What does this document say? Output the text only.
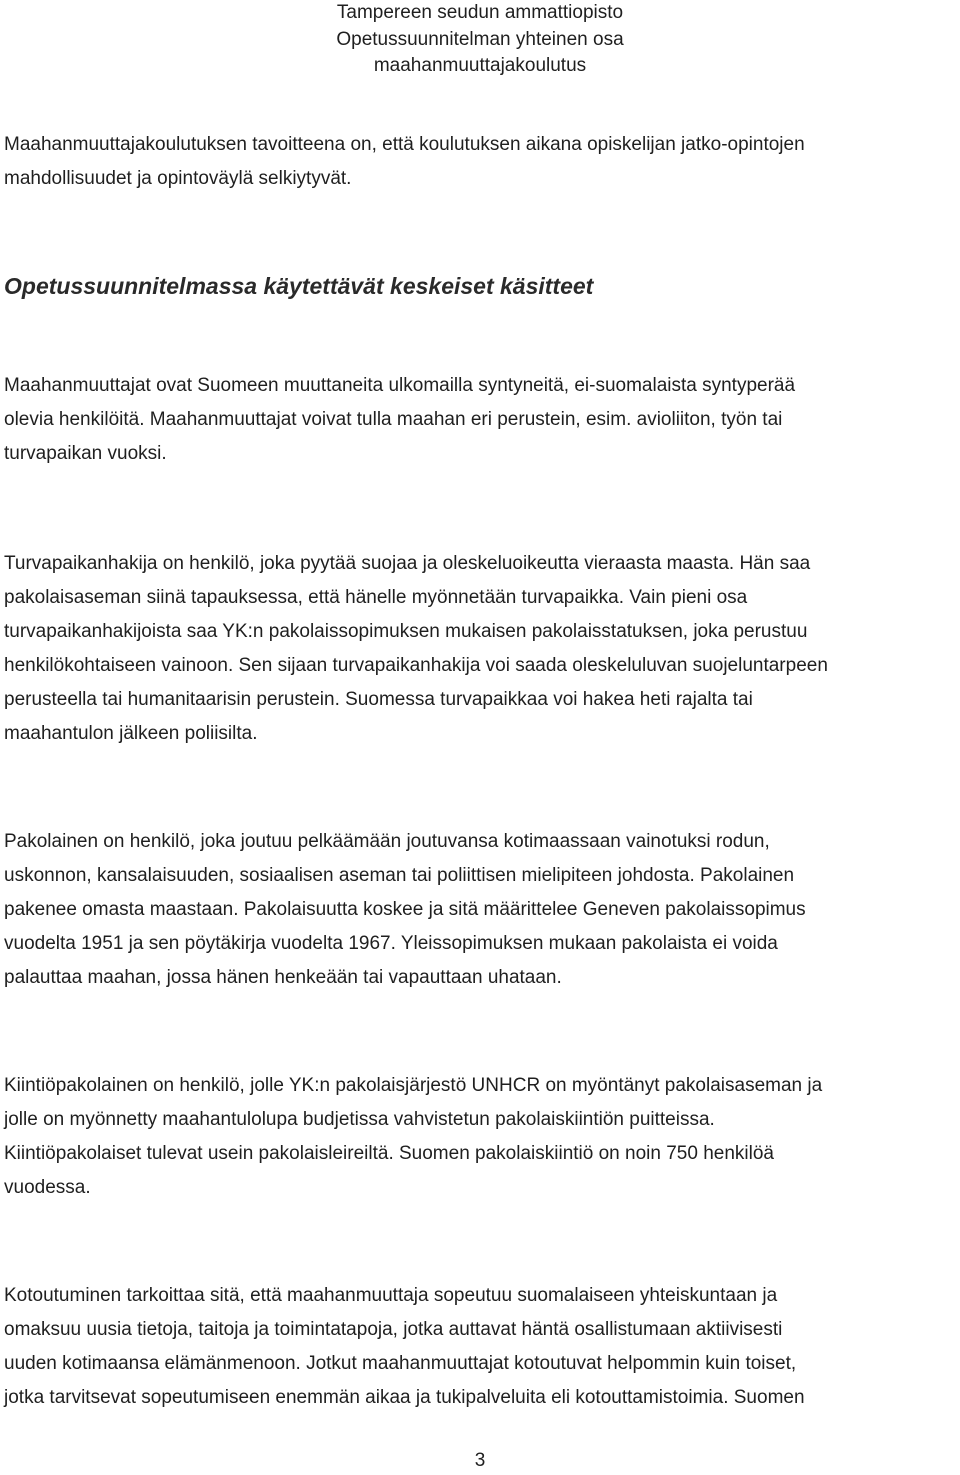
Tampereen seudun ammattiopisto
Opetussuunnitelman yhteinen osa
maahanmuuttajakoulutus
Maahanmuuttajakoulutuksen tavoitteena on, että koulutuksen aikana opiskelijan jatko-opintojen
mahdollisuudet ja opintoväylä selkiytyvät.
Opetussuunnitelmassa käytettävät keskeiset käsitteet
Maahanmuuttajat ovat Suomeen muuttaneita ulkomailla syntyneitä, ei-suomalaista syntyperää
olevia henkilöitä. Maahanmuuttajat voivat tulla maahan eri perustein, esim. avioliiton, työn tai
turvapaikan vuoksi.
Turvapaikanhakija on henkilö, joka pyytää suojaa ja oleskeluoikeutta vieraasta maasta. Hän saa
pakolaisaseman siinä tapauksessa, että hänelle myönnetään turvapaikka. Vain pieni osa
turvapaikanhakijoista saa YK:n pakolaissopimuksen mukaisen pakolaisstatuksen, joka perustuu
henkilökohtaiseen vainoon. Sen sijaan turvapaikanhakija voi saada oleskeluluvan suojeluntarpeen
perusteella tai humanitaarisin perustein. Suomessa turvapaikkaa voi hakea heti rajalta tai
maahantulon jälkeen poliisilta.
Pakolainen on henkilö, joka joutuu pelkäämään joutuvansa kotimaassaan vainotuksi rodun,
uskonnon, kansalaisuuden, sosiaalisen aseman tai poliittisen mielipiteen johdosta. Pakolainen
pakenee omasta maastaan. Pakolaisuutta koskee ja sitä määrittelee Geneven pakolaissopimus
vuodelta 1951 ja sen pöytäkirja vuodelta 1967. Yleissopimuksen mukaan pakolaista ei voida
palauttaa maahan, jossa hänen henkeään tai vapauttaan uhataan.
Kiintiöpakolainen on henkilö, jolle YK:n pakolaisjärjestö UNHCR on myöntänyt pakolaisaseman ja
jolle on myönnetty maahantulolupa budjetissa vahvistetun pakolaiskiintiön puitteissa.
Kiintiöpakolaiset tulevat usein pakolaisleireiltä. Suomen pakolaiskiintiö on noin 750 henkilöä
vuodessa.
Kotoutuminen tarkoittaa sitä, että maahanmuuttaja sopeutuu suomalaiseen yhteiskuntaan ja
omaksuu uusia tietoja, taitoja ja toimintatapoja, jotka auttavat häntä osallistumaan aktiivisesti
uuden kotimaansa elämänmenoon. Jotkut maahanmuuttajat kotoutuvat helpommin kuin toiset,
jotka tarvitsevat sopeutumiseen enemmän aikaa ja tukipalveluita eli kotouttamistoimia. Suomen
3
